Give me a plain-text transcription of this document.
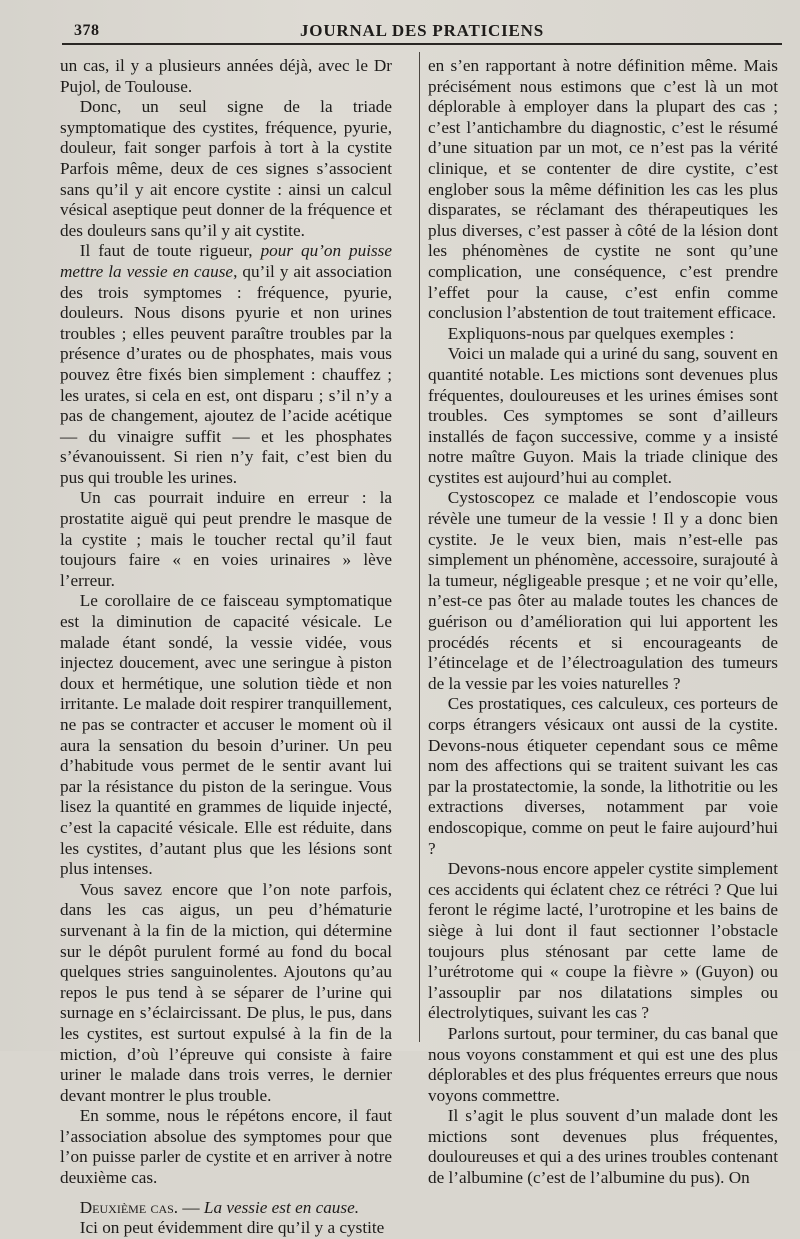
378	JOURNAL DES PRATICIENS

un cas, il y a plusieurs années déjà, avec le Dr Pujol, de Toulouse.

Donc, un seul signe de la triade symptomatique des cystites, fréquence, pyurie, douleur, fait songer parfois à tort à la cystite Parfois même, deux de ces signes s’associent sans qu’il y ait encore cystite : ainsi un calcul vésical aseptique peut donner de la fréquence et des douleurs sans qu’il y ait cystite.

Il faut de toute rigueur, pour qu’on puisse mettre la vessie en cause, qu’il y ait association des trois symptomes : fréquence, pyurie, douleurs. Nous disons pyurie et non urines troubles ; elles peuvent paraître troubles par la présence d’urates ou de phosphates, mais vous pouvez être fixés bien simplement : chauffez ; les urates, si cela en est, ont disparu ; s’il n’y a pas de changement, ajoutez de l’acide acétique — du vinaigre suffit — et les phosphates s’évanouissent. Si rien n’y fait, c’est bien du pus qui trouble les urines.

Un cas pourrait induire en erreur : la prostatite aiguë qui peut prendre le masque de la cystite ; mais le toucher rectal qu’il faut toujours faire « en voies urinaires » lève l’erreur.

Le corollaire de ce faisceau symptomatique est la diminution de capacité vésicale. Le malade étant sondé, la vessie vidée, vous injectez doucement, avec une seringue à piston doux et hermétique, une solution tiède et non irritante. Le malade doit respirer tranquillement, ne pas se contracter et accuser le moment où il aura la sensation du besoin d’uriner. Un peu d’habitude vous permet de le sentir avant lui par la résistance du piston de la seringue. Vous lisez la quantité en grammes de liquide injecté, c’est la capacité vésicale. Elle est réduite, dans les cystites, d’autant plus que les lésions sont plus intenses.

Vous savez encore que l’on note parfois, dans les cas aigus, un peu d’hématurie survenant à la fin de la miction, qui détermine sur le dépôt purulent formé au fond du bocal quelques stries sanguinolentes. Ajoutons qu’au repos le pus tend à se séparer de l’urine qui surnage en s’éclaircissant. De plus, le pus, dans les cystites, est surtout expulsé à la fin de la miction, d’où l’épreuve qui consiste à faire uriner le malade dans trois verres, le dernier devant montrer le plus trouble.

En somme, nous le répétons encore, il faut l’association absolue des symptomes pour que l’on puisse parler de cystite et en arriver à notre deuxième cas.

Deuxième cas. — La vessie est en cause.

Ici on peut évidemment dire qu’il y a cystite

en s’en rapportant à notre définition même. Mais précisément nous estimons que c’est là un mot déplorable à employer dans la plupart des cas ; c’est l’antichambre du diagnostic, c’est le résumé d’une situation par un mot, ce n’est pas la vérité clinique, et se contenter de dire cystite, c’est englober sous la même définition les cas les plus disparates, se réclamant des thérapeutiques les plus diverses, c’est passer à côté de la lésion dont les phénomènes de cystite ne sont qu’une complication, une conséquence, c’est prendre l’effet pour la cause, c’est enfin comme conclusion l’abstention de tout traitement efficace.

Expliquons-nous par quelques exemples :

Voici un malade qui a uriné du sang, souvent en quantité notable. Les mictions sont devenues plus fréquentes, douloureuses et les urines émises sont troubles. Ces symptomes se sont d’ailleurs installés de façon successive, comme y a insisté notre maître Guyon. Mais la triade clinique des cystites est aujourd’hui au complet.

Cystoscopez ce malade et l’endoscopie vous révèle une tumeur de la vessie ! Il y a donc bien cystite. Je le veux bien, mais n’est-elle pas simplement un phénomène, accessoire, surajouté à la tumeur, négligeable presque ; et ne voir qu’elle, n’est-ce pas ôter au malade toutes les chances de guérison ou d’amélioration qui lui apportent les procédés récents et si encourageants de l’étincelage et de l’électroagulation des tumeurs de la vessie par les voies naturelles ?

Ces prostatiques, ces calculeux, ces porteurs de corps étrangers vésicaux ont aussi de la cystite. Devons-nous étiqueter cependant sous ce même nom des affections qui se traitent suivant les cas par la prostatectomie, la sonde, la lithotritie ou les extractions diverses, notamment par voie endoscopique, comme on peut le faire aujourd’hui ?

Devons-nous encore appeler cystite simplement ces accidents qui éclatent chez ce rétréci ? Que lui feront le régime lacté, l’urotropine et les bains de siège à lui dont il faut sectionner l’obstacle toujours plus sténosant par cette lame de l’urétrotome qui « coupe la fièvre » (Guyon) ou l’assouplir par nos dilatations simples ou électrolytiques, suivant les cas ?

Parlons surtout, pour terminer, du cas banal que nous voyons constamment et qui est une des plus déplorables et des plus fréquentes erreurs que nous voyons commettre.

Il s’agit le plus souvent d’un malade dont les mictions sont devenues plus fréquentes, douloureuses et qui a des urines troubles contenant de l’albumine (c’est de l’albumine du pus). On
